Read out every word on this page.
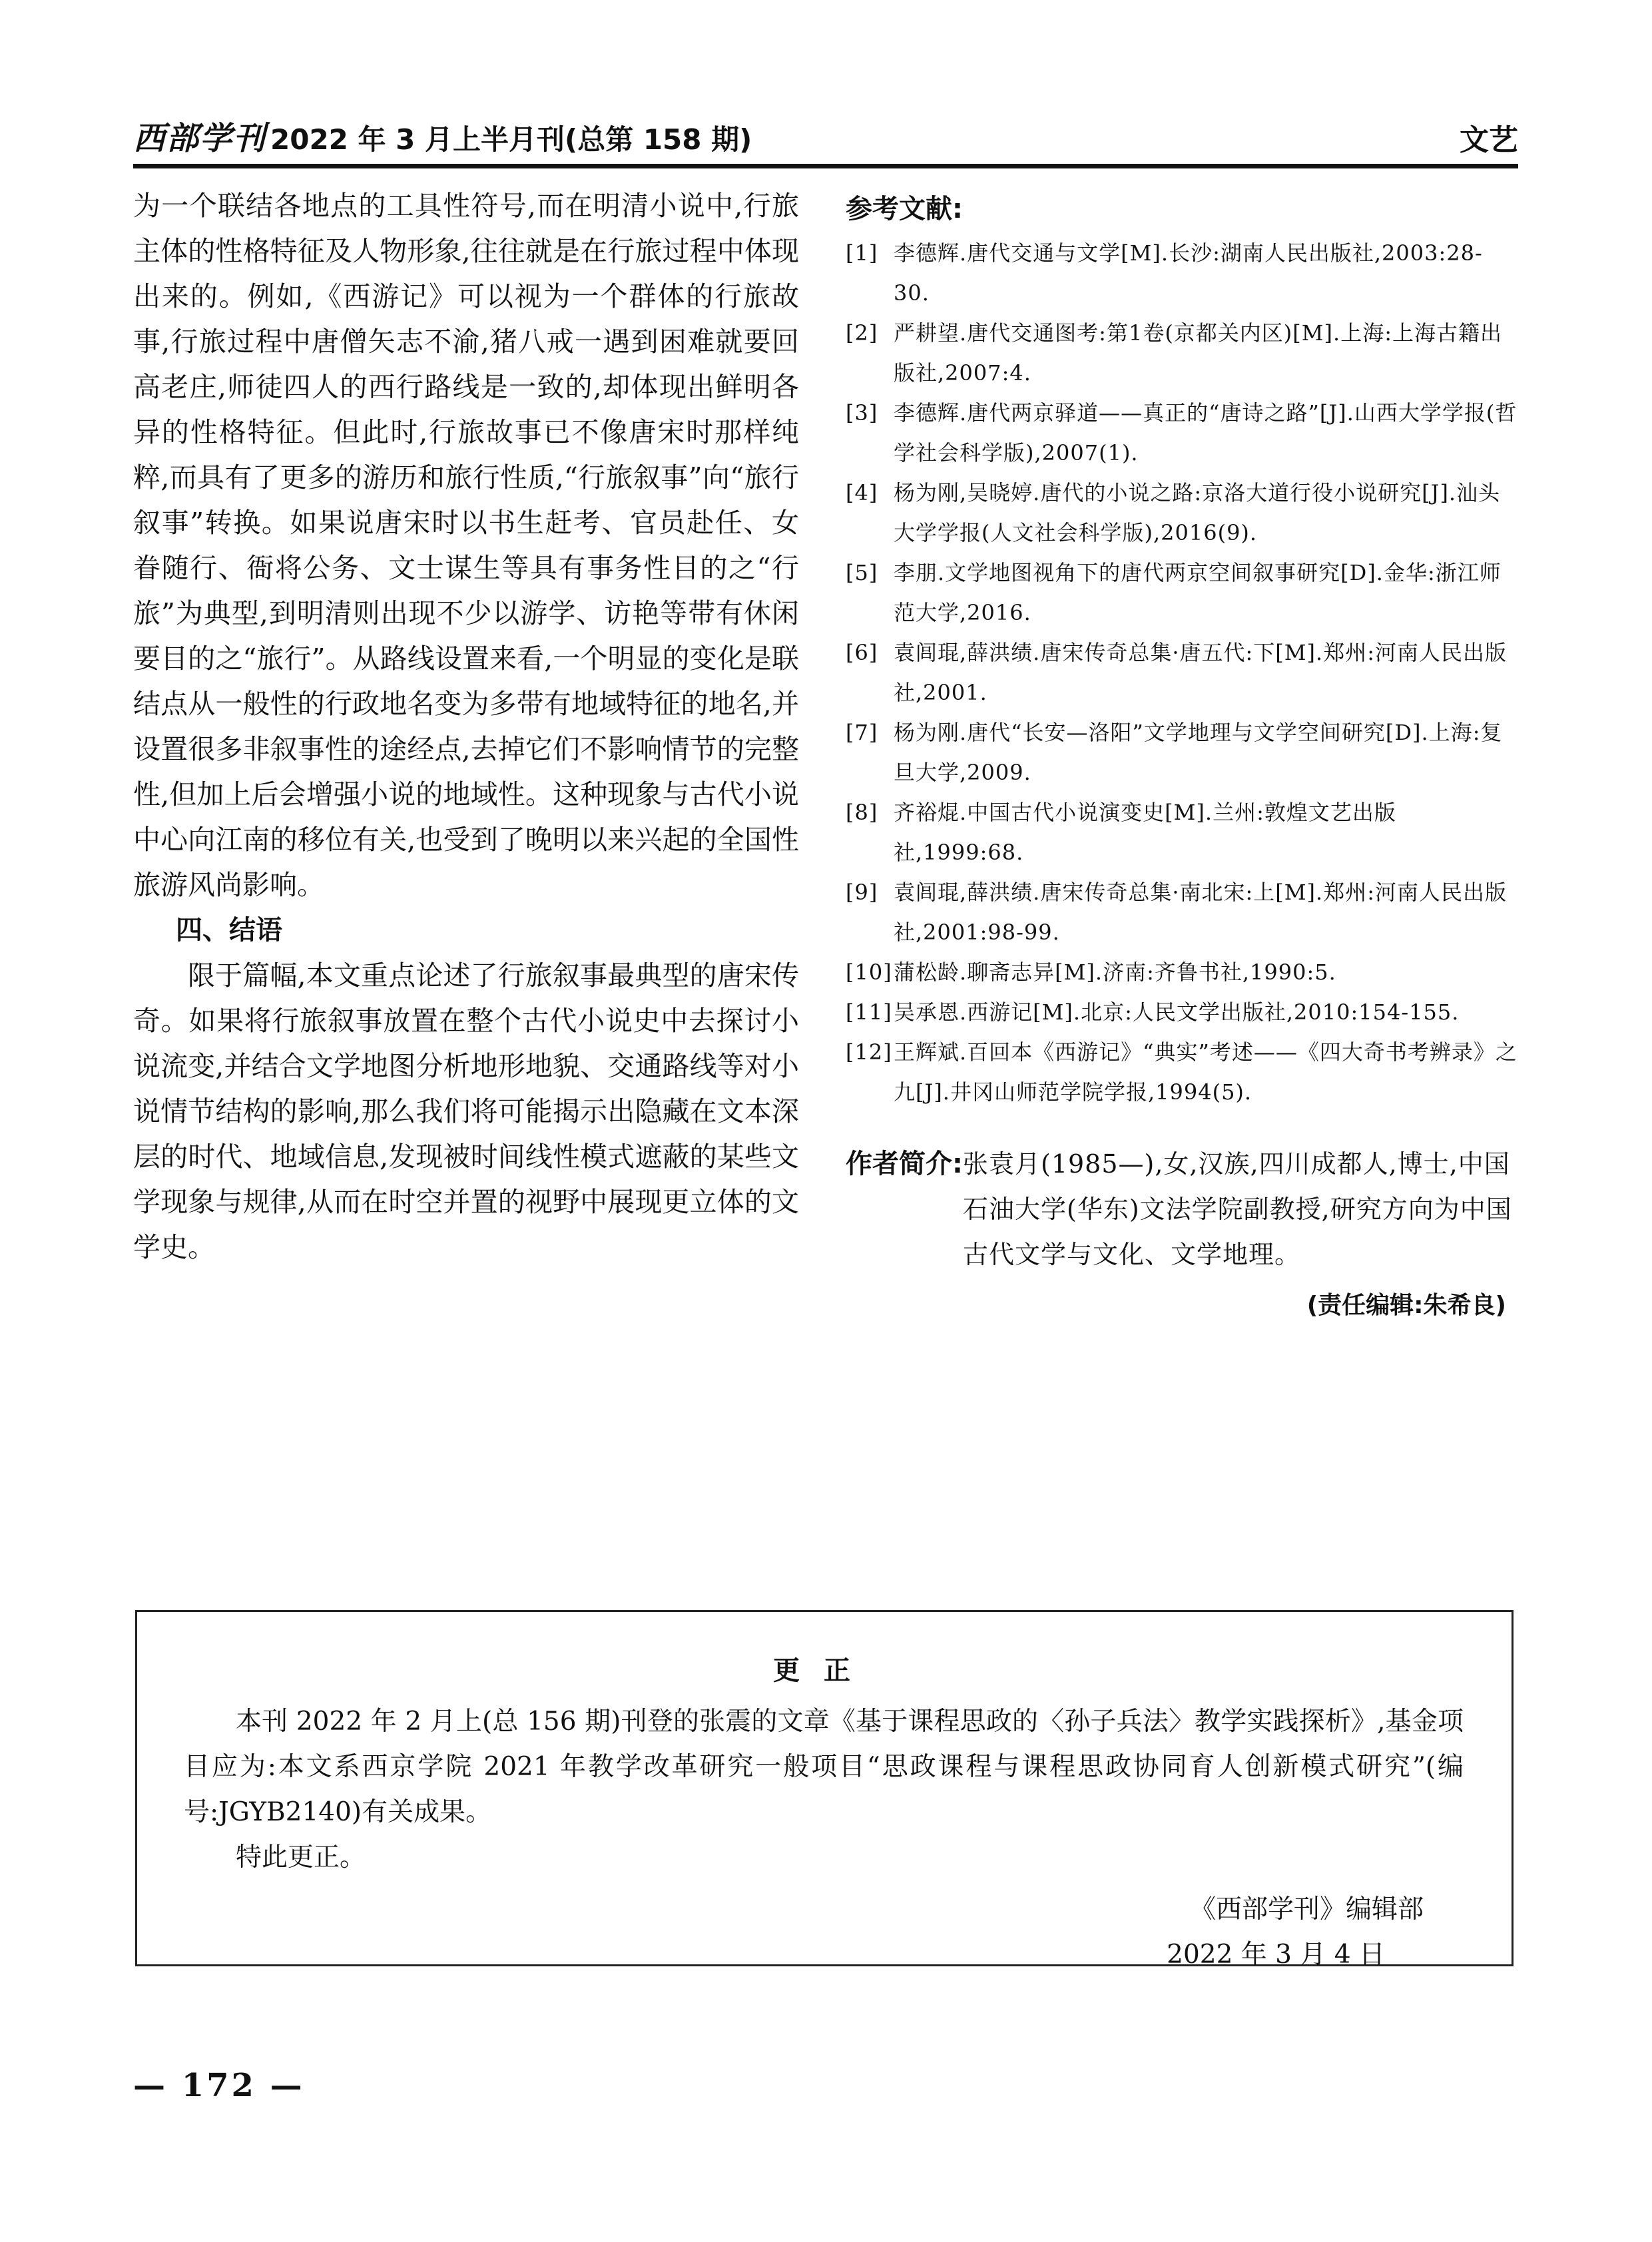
西部学刊 2022 年 3 月上半月刊(总第 158 期)	文艺

为一个联结各地点的工具性符号,而在明清小说中,行旅主体的性格特征及人物形象,往往就是在行旅过程中体现出来的。例如,《西游记》可以视为一个群体的行旅故事,行旅过程中唐僧矢志不渝,猪八戒一遇到困难就要回高老庄,师徒四人的西行路线是一致的,却体现出鲜明各异的性格特征。但此时,行旅故事已不像唐宋时那样纯粹,而具有了更多的游历和旅行性质,“行旅叙事”向“旅行叙事”转换。如果说唐宋时以书生赶考、官员赴任、女眷随行、衙将公务、文士谋生等具有事务性目的之“行旅”为典型,到明清则出现不少以游学、访艳等带有休闲要目的之“旅行”。从路线设置来看,一个明显的变化是联结点从一般性的行政地名变为多带有地域特征的地名,并设置很多非叙事性的途经点,去掉它们不影响情节的完整性,但加上后会增强小说的地域性。这种现象与古代小说中心向江南的移位有关,也受到了晚明以来兴起的全国性旅游风尚影响。

四、结语

限于篇幅,本文重点论述了行旅叙事最典型的唐宋传奇。如果将行旅叙事放置在整个古代小说史中去探讨小说流变,并结合文学地图分析地形地貌、交通路线等对小说情节结构的影响,那么我们将可能揭示出隐藏在文本深层的时代、地域信息,发现被时间线性模式遮蔽的某些文学现象与规律,从而在时空并置的视野中展现更立体的文学史。

参考文献:
[1] 李德辉.唐代交通与文学[M].长沙:湖南人民出版社,2003:28-30.
[2] 严耕望.唐代交通图考:第1卷(京都关内区)[M].上海:上海古籍出版社,2007:4.
[3] 李德辉.唐代两京驿道——真正的“唐诗之路”[J].山西大学学报(哲学社会科学版),2007(1).
[4] 杨为刚,吴晓婷.唐代的小说之路:京洛大道行役小说研究[J].汕头大学学报(人文社会科学版),2016(9).
[5] 李朋.文学地图视角下的唐代两京空间叙事研究[D].金华:浙江师范大学,2016.
[6] 袁闾琨,薛洪绩.唐宋传奇总集·唐五代:下[M].郑州:河南人民出版社,2001.
[7] 杨为刚.唐代“长安—洛阳”文学地理与文学空间研究[D].上海:复旦大学,2009.
[8] 齐裕焜.中国古代小说演变史[M].兰州:敦煌文艺出版社,1999:68.
[9] 袁闾琨,薛洪绩.唐宋传奇总集·南北宋:上[M].郑州:河南人民出版社,2001:98-99.
[10]蒲松龄.聊斋志异[M].济南:齐鲁书社,1990:5.
[11]吴承恩.西游记[M].北京:人民文学出版社,2010:154-155.
[12]王辉斌.百回本《西游记》“典实”考述——《四大奇书考辨录》之九[J].井冈山师范学院学报,1994(5).
作者简介: 张袁月(1985—),女,汉族,四川成都人,博士,中国石油大学(华东)文法学院副教授,研究方向为中国古代文学与文化、文学地理。
(责任编辑:朱希良)
更正

本刊 2022 年 2 月上(总 156 期)刊登的张震的文章《基于课程思政的〈孙子兵法〉教学实践探析》,基金项目应为:本文系西京学院 2021 年教学改革研究一般项目“思政课程与课程思政协同育人创新模式研究”(编号:JGYB2140)有关成果。

特此更正。

《西部学刊》编辑部
2022 年 3 月 4 日
— 172 —
